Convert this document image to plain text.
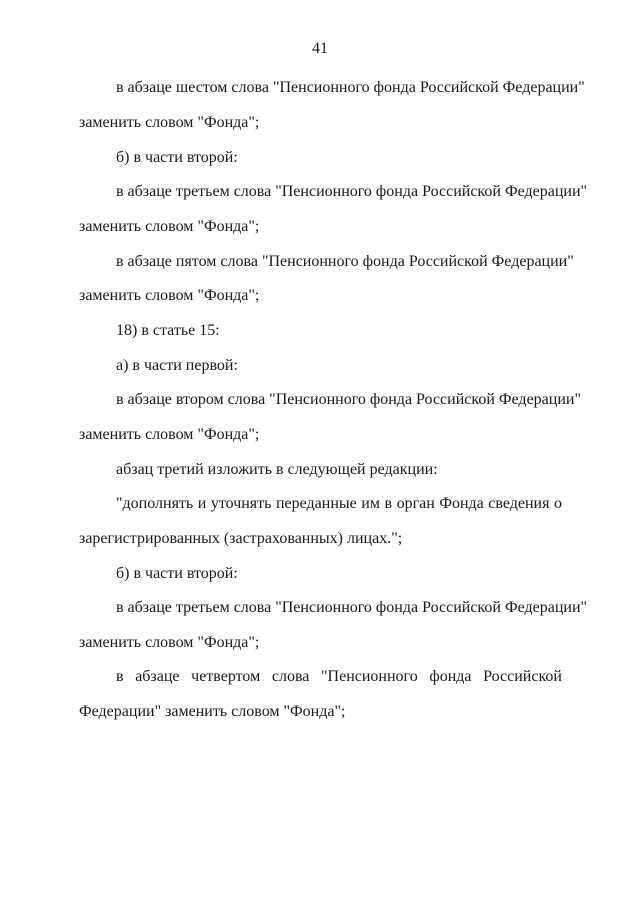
41
в абзаце шестом слова "Пенсионного фонда Российской Федерации"
заменить словом "Фонда";
б) в части второй:
в абзаце третьем слова "Пенсионного фонда Российской Федерации"
заменить словом "Фонда";
в абзаце пятом слова "Пенсионного фонда Российской Федерации"
заменить словом "Фонда";
18) в статье 15:
а) в части первой:
в абзаце втором слова "Пенсионного фонда Российской Федерации"
заменить словом "Фонда";
абзац третий изложить в следующей редакции:
"дополнять и уточнять переданные им в орган Фонда сведения о
зарегистрированных (застрахованных) лицах.";
б) в части второй:
в абзаце третьем слова "Пенсионного фонда Российской Федерации"
заменить словом "Фонда";
в абзаце четвертом слова "Пенсионного фонда Российской
Федерации" заменить словом "Фонда";
